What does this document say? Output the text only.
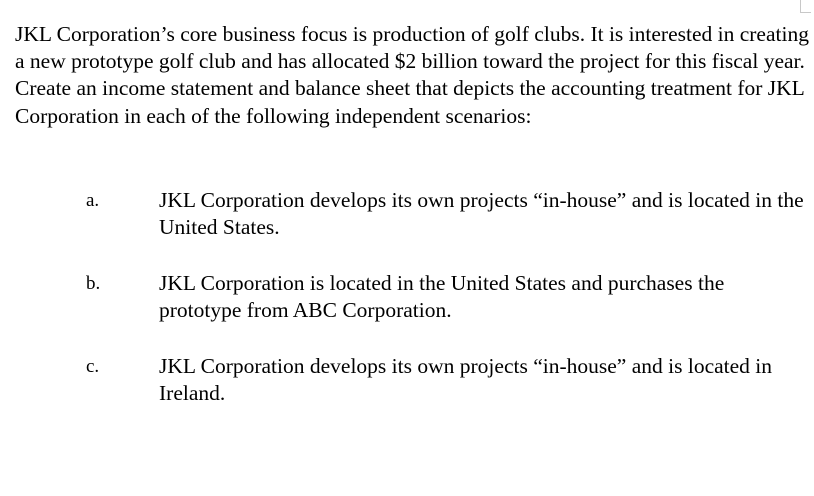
JKL Corporation’s core business focus is production of golf clubs. It is interested in creating a new prototype golf club and has allocated $2 billion toward the project for this fiscal year. Create an income statement and balance sheet that depicts the accounting treatment for JKL Corporation in each of the following independent scenarios:

a.	JKL Corporation develops its own projects “in-house” and is located in the United States.

b.	JKL Corporation is located in the United States and purchases the prototype from ABC Corporation.

c.	JKL Corporation develops its own projects “in-house” and is located in Ireland.
